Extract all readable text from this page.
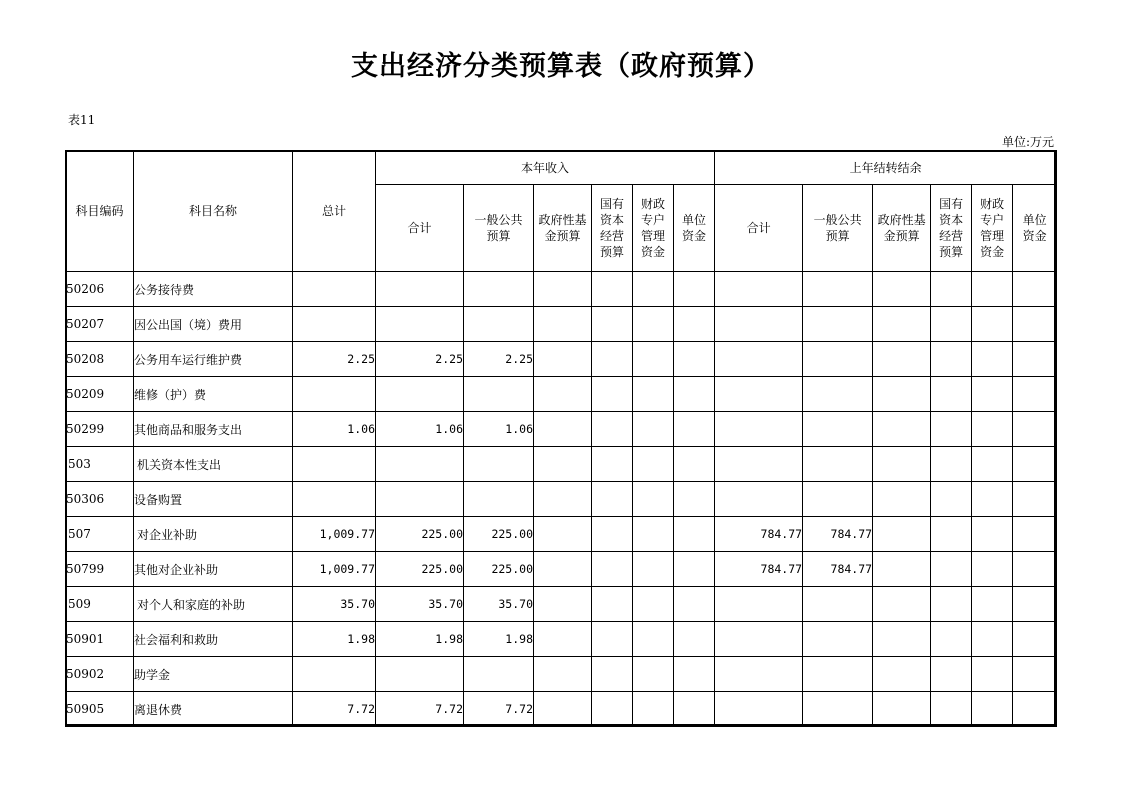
支出经济分类预算表（政府预算）
表11
单位:万元
科目编码	科目名称	总计	本年收入						上年结转结余					
			合计	一般公共预算	政府性基金预算	国有资本经营预算	财政专户管理资金	单位资金	合计	一般公共预算	政府性基金预算	国有资本经营预算	财政专户管理资金	单位资金
50206	公务接待费													
50207	因公出国（境）费用													
50208	公务用车运行维护费	2.25	2.25	2.25										
50209	维修（护）费													
50299	其他商品和服务支出	1.06	1.06	1.06										
503	机关资本性支出													
50306	设备购置													
507	对企业补助	1,009.77	225.00	225.00					784.77	784.77				
50799	其他对企业补助	1,009.77	225.00	225.00					784.77	784.77				
509	对个人和家庭的补助	35.70	35.70	35.70										
50901	社会福利和救助	1.98	1.98	1.98										
50902	助学金													
50905	离退休费	7.72	7.72	7.72										
